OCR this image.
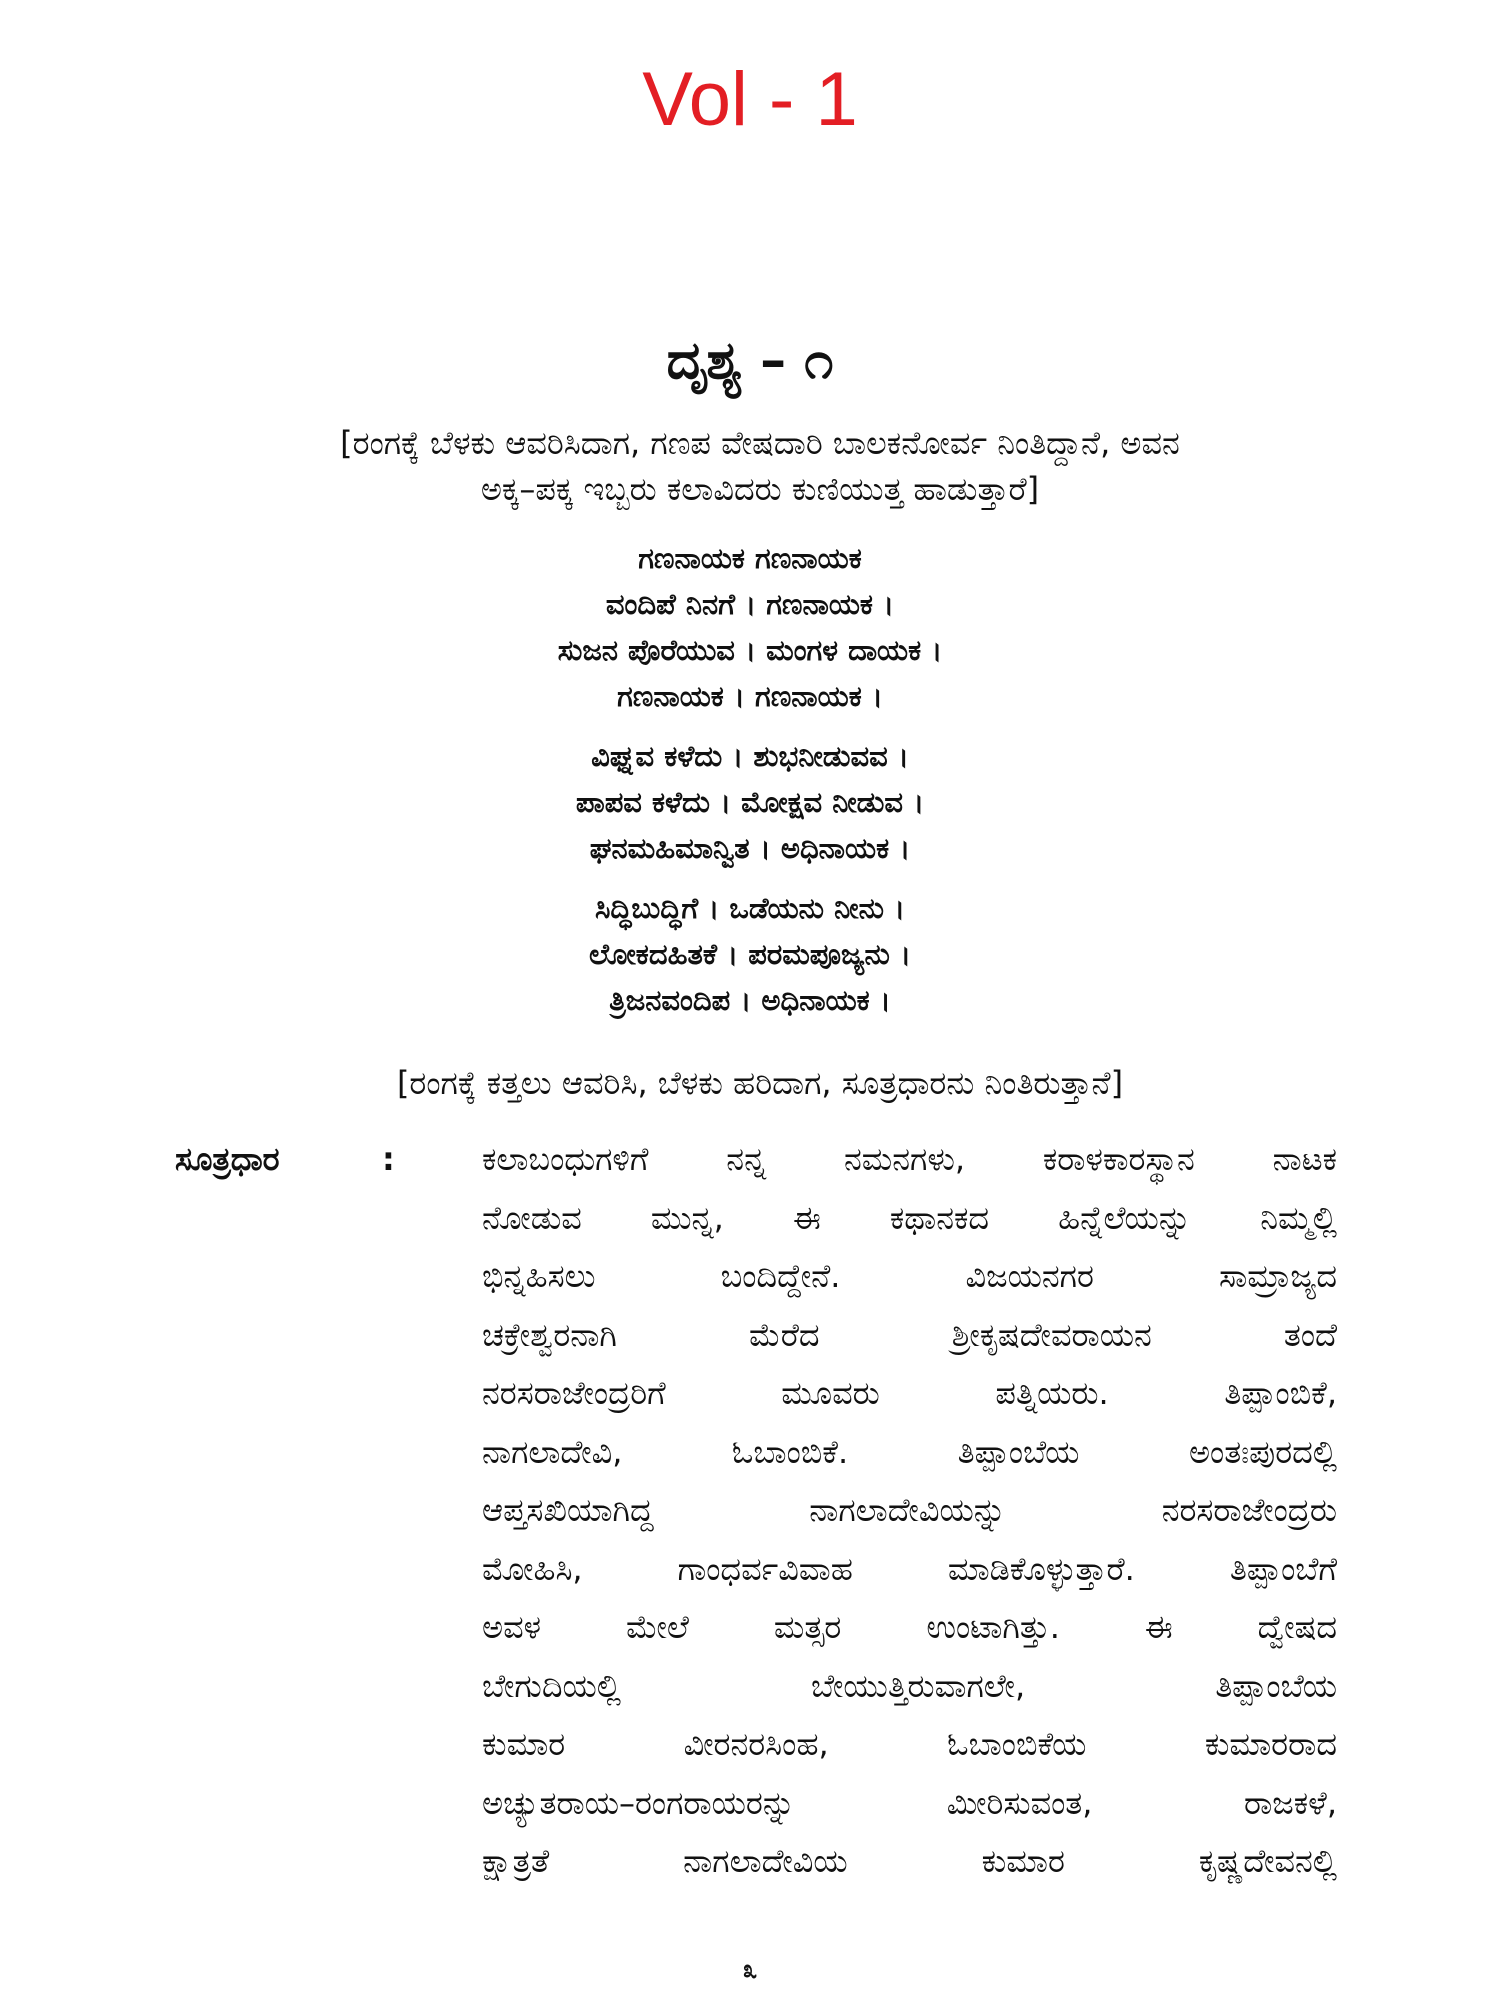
Vol - 1
ದೃಶ್ಯ – ೧
[ರಂಗಕ್ಕೆ ಬೆಳಕು ಆವರಿಸಿದಾಗ, ಗಣಪ ವೇಷದಾರಿ ಬಾಲಕನೋರ್ವ ನಿಂತಿದ್ದಾನೆ, ಅವನ
ಅಕ್ಕ–ಪಕ್ಕ ಇಬ್ಬರು ಕಲಾವಿದರು ಕುಣಿಯುತ್ತ ಹಾಡುತ್ತಾರೆ]
ಗಣನಾಯಕ ಗಣನಾಯಕ
ವಂದಿಪೆ ನಿನಗೆ । ಗಣನಾಯಕ ।
ಸುಜನ ಪೊರೆಯುವ । ಮಂಗಳ ದಾಯಕ ।
ಗಣನಾಯಕ । ಗಣನಾಯಕ ।
ವಿಘ್ನವ ಕಳೆದು । ಶುಭನೀಡುವವ ।
ಪಾಪವ ಕಳೆದು । ಮೋಕ್ಷವ ನೀಡುವ ।
ಘನಮಹಿಮಾನ್ವಿತ । ಅಧಿನಾಯಕ ।
ಸಿದ್ಧಿಬುದ್ಧಿಗೆ । ಒಡೆಯನು ನೀನು ।
ಲೋಕದಹಿತಕೆ । ಪರಮಪೂಜ್ಯನು ।
ತ್ರಿಜನವಂದಿಪ । ಅಧಿನಾಯಕ ।
[ರಂಗಕ್ಕೆ ಕತ್ತಲು ಆವರಿಸಿ, ಬೆಳಕು ಹರಿದಾಗ, ಸೂತ್ರಧಾರನು ನಿಂತಿರುತ್ತಾನೆ]
ಸೂತ್ರಧಾರ	:	ಕಲಾಬಂಧುಗಳಿಗೆ ನನ್ನ ನಮನಗಳು, ಕರಾಳಕಾರಸ್ಥಾನ ನಾಟಕ
ನೋಡುವ ಮುನ್ನ, ಈ ಕಥಾನಕದ ಹಿನ್ನೆಲೆಯನ್ನು ನಿಮ್ಮಲ್ಲಿ
ಭಿನ್ನಹಿಸಲು ಬಂದಿದ್ದೇನೆ. ವಿಜಯನಗರ ಸಾಮ್ರಾಜ್ಯದ
ಚಕ್ರೇಶ್ವರನಾಗಿ ಮೆರೆದ ಶ್ರೀಕೃಷದೇವರಾಯನ ತಂದೆ
ನರಸರಾಜೇಂದ್ರರಿಗೆ ಮೂವರು ಪತ್ನಿಯರು. ತಿಪ್ಪಾಂಬಿಕೆ,
ನಾಗಲಾದೇವಿ, ಓಬಾಂಬಿಕೆ. ತಿಪ್ಪಾಂಬೆಯ ಅಂತಃಪುರದಲ್ಲಿ
ಆಪ್ತಸಖಿಯಾಗಿದ್ದ ನಾಗಲಾದೇವಿಯನ್ನು ನರಸರಾಜೇಂದ್ರರು
ಮೋಹಿಸಿ, ಗಾಂಧರ್ವವಿವಾಹ ಮಾಡಿಕೊಳ್ಳುತ್ತಾರೆ. ತಿಪ್ಪಾಂಬೆಗೆ
ಅವಳ ಮೇಲೆ ಮತ್ಸರ ಉಂಟಾಗಿತ್ತು. ಈ ದ್ವೇಷದ
ಬೇಗುದಿಯಲ್ಲಿ ಬೇಯುತ್ತಿರುವಾಗಲೇ, ತಿಪ್ಪಾಂಬೆಯ
ಕುಮಾರ ವೀರನರಸಿಂಹ, ಓಬಾಂಬಿಕೆಯ ಕುಮಾರರಾದ
ಅಚ್ಯುತರಾಯ–ರಂಗರಾಯರನ್ನು ಮೀರಿಸುವಂತ, ರಾಜಕಳೆ,
ಕ್ಷಾತ್ರತೆ ನಾಗಲಾದೇವಿಯ ಕುಮಾರ ಕೃಷ್ಣದೇವನಲ್ಲಿ
೩
